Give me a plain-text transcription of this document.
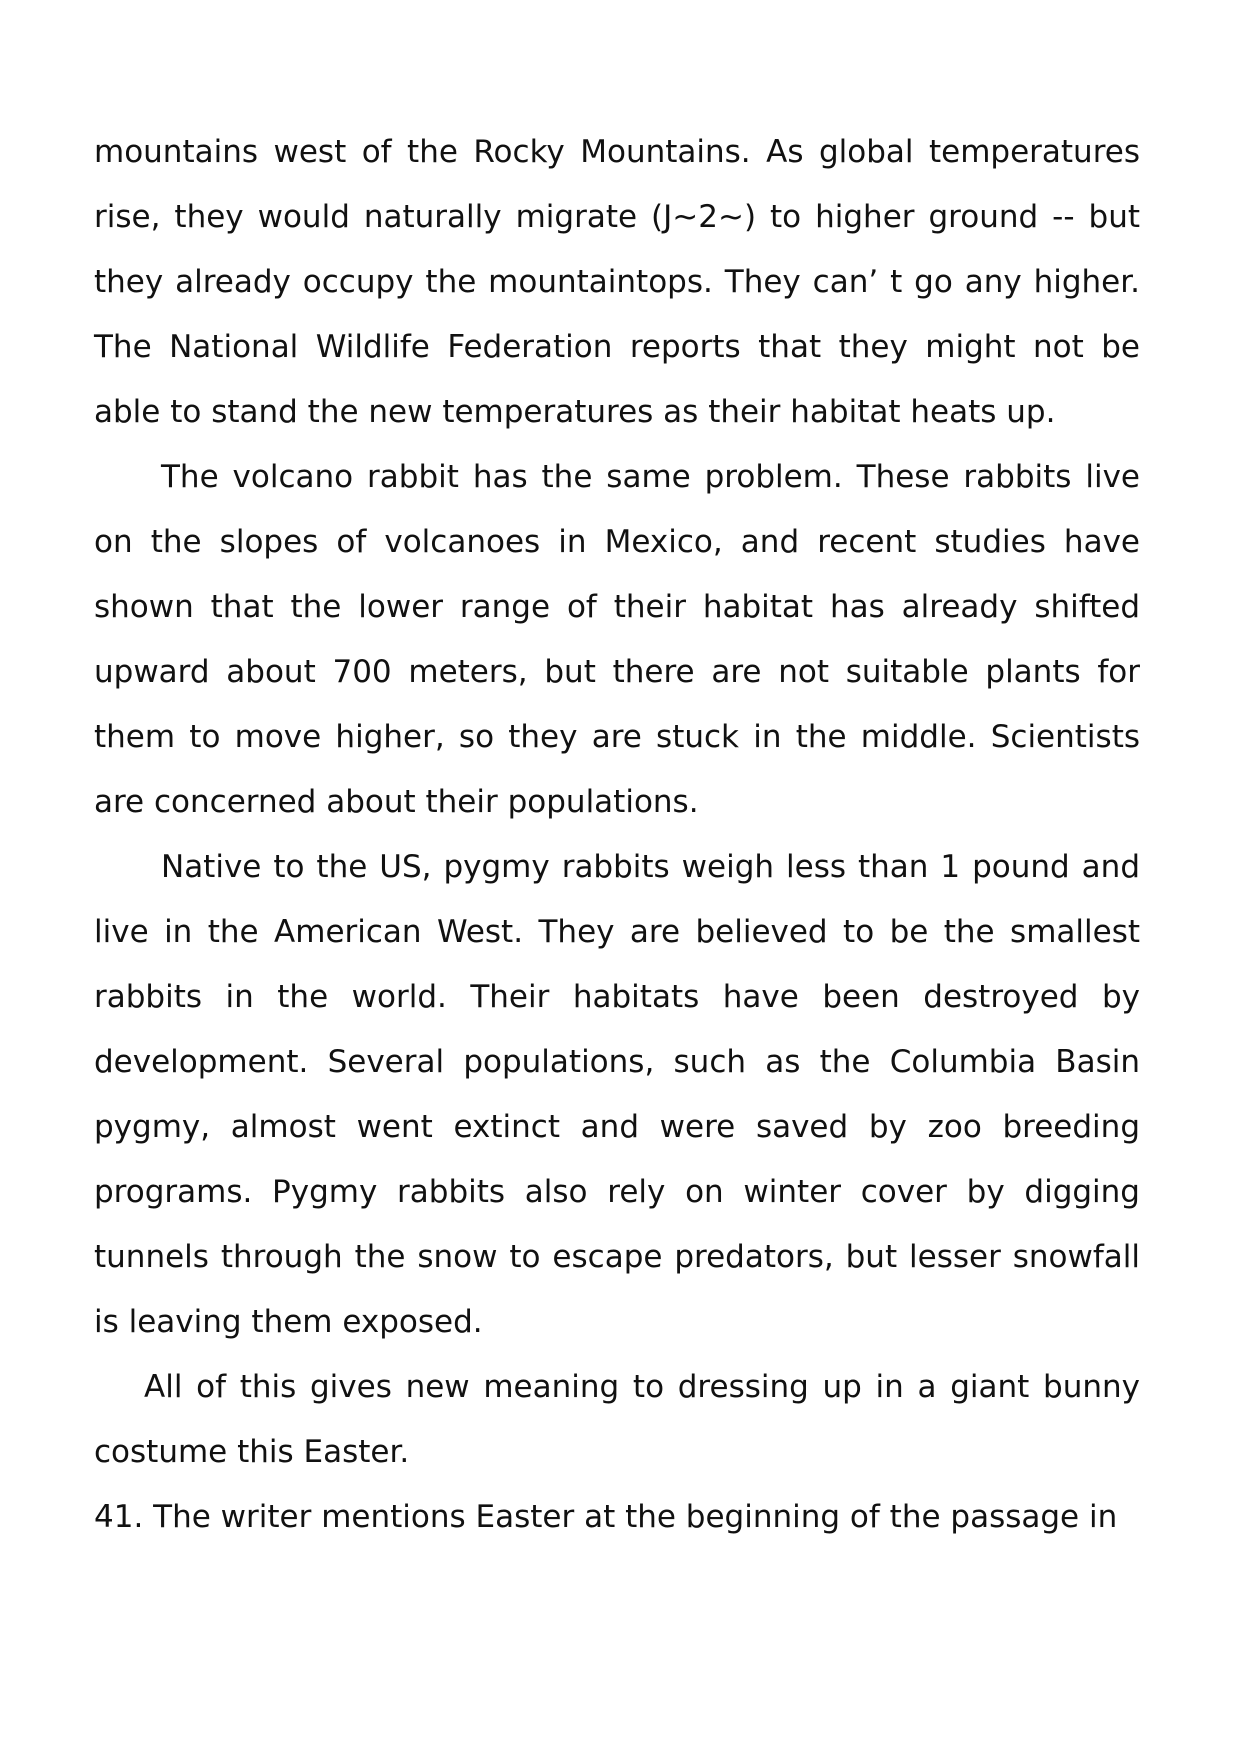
mountains west of the Rocky Mountains. As global temperatures rise, they would naturally migrate (J~2~) to higher ground -- but they already occupy the mountaintops. They can’ t go any higher. The National Wildlife Federation reports that they might not be able to stand the new temperatures as their habitat heats up.

The volcano rabbit has the same problem. These rabbits live on the slopes of volcanoes in Mexico, and recent studies have shown that the lower range of their habitat has already shifted upward about 700 meters, but there are not suitable plants for them to move higher, so they are stuck in the middle. Scientists are concerned about their populations.

Native to the US, pygmy rabbits weigh less than 1 pound and live in the American West. They are believed to be the smallest rabbits in the world. Their habitats have been destroyed by development. Several populations, such as the Columbia Basin pygmy, almost went extinct and were saved by zoo breeding programs. Pygmy rabbits also rely on winter cover by digging tunnels through the snow to escape predators, but lesser snowfall is leaving them exposed.

All of this gives new meaning to dressing up in a giant bunny costume this Easter.

41. The writer mentions Easter at the beginning of the passage in
